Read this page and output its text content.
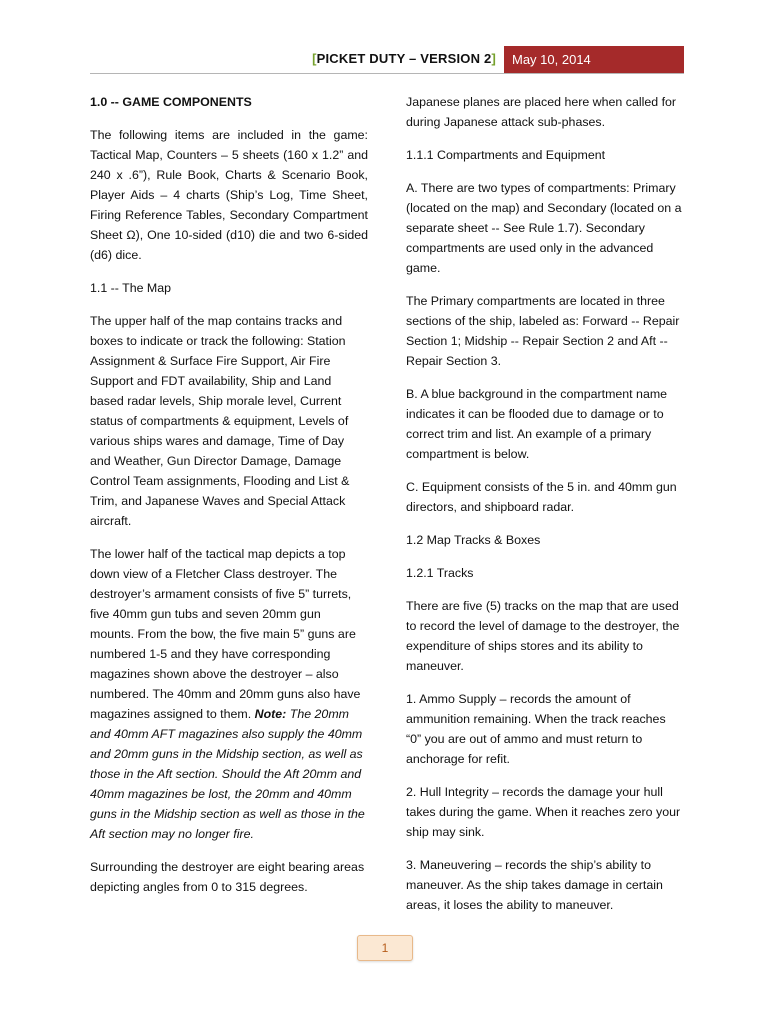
[PICKET DUTY – VERSION 2]	May 10, 2014
1.0 -- GAME COMPONENTS

The following items are included in the game: Tactical Map, Counters – 5 sheets (160 x 1.2” and 240 x .6”), Rule Book, Charts & Scenario Book, Player Aids – 4 charts (Ship’s Log, Time Sheet, Firing Reference Tables, Secondary Compartment Sheet Ω), One 10-sided (d10) die and two 6-sided (d6) dice.

1.1 -- The Map

The upper half of the map contains tracks and boxes to indicate or track the following: Station Assignment & Surface Fire Support, Air Fire Support and FDT availability, Ship and Land based radar levels, Ship morale level, Current status of compartments & equipment, Levels of various ships wares and damage, Time of Day and Weather, Gun Director Damage, Damage Control Team assignments, Flooding and List & Trim, and Japanese Waves and Special Attack aircraft.

The lower half of the tactical map depicts a top down view of a Fletcher Class destroyer. The destroyer’s armament consists of five 5” turrets, five 40mm gun tubs and seven 20mm gun mounts. From the bow, the five main 5” guns are numbered 1-5 and they have corresponding magazines shown above the destroyer – also numbered. The 40mm and 20mm guns also have magazines assigned to them. Note: The 20mm and 40mm AFT magazines also supply the 40mm and 20mm guns in the Midship section, as well as those in the Aft section. Should the Aft 20mm and 40mm magazines be lost, the 20mm and 40mm guns in the Midship section as well as those in the Aft section may no longer fire.

Surrounding the destroyer are eight bearing areas depicting angles from 0 to 315 degrees.

Japanese planes are placed here when called for during Japanese attack sub-phases.

1.1.1 Compartments and Equipment

A. There are two types of compartments: Primary (located on the map) and Secondary (located on a separate sheet -- See Rule 1.7). Secondary compartments are used only in the advanced game.

The Primary compartments are located in three sections of the ship, labeled as: Forward -- Repair Section 1; Midship -- Repair Section 2 and Aft -- Repair Section 3.

B. A blue background in the compartment name indicates it can be flooded due to damage or to correct trim and list. An example of a primary compartment is below.

C. Equipment consists of the 5 in. and 40mm gun directors, and shipboard radar.

1.2 Map Tracks & Boxes
1.2.1 Tracks

There are five (5) tracks on the map that are used to record the level of damage to the destroyer, the expenditure of ships stores and its ability to maneuver.

1. Ammo Supply – records the amount of ammunition remaining. When the track reaches “0” you are out of ammo and must return to anchorage for refit.

2. Hull Integrity – records the damage your hull takes during the game. When it reaches zero your ship may sink.

3. Maneuvering – records the ship’s ability to maneuver. As the ship takes damage in certain areas, it loses the ability to maneuver.

1
